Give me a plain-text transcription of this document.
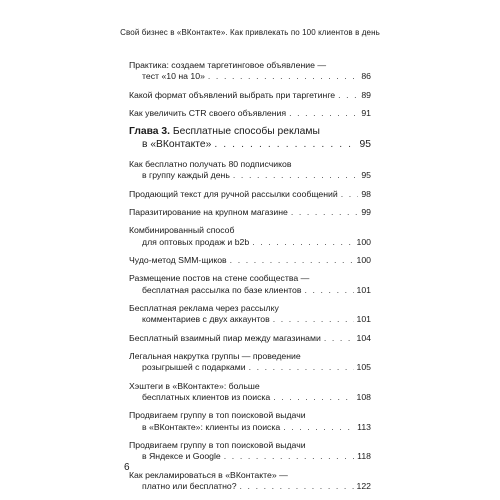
Свой бизнес в «ВКонтакте». Как привлекать по 100 клиентов в день
Практика: создаем таргетинговое объявление —
тест «10 на 10» . . .	86
Какой формат объявлений выбрать при таргетинге . . .	89
Как увеличить CTR своего объявления . . .	91
Глава 3. Бесплатные способы рекламы
в «ВКонтакте» . . .	95
Как бесплатно получать 80 подписчиков
в группу каждый день . . .	95
Продающий текст для ручной рассылки сообщений . . .	98
Паразитирование на крупном магазине . . .	99
Комбинированный способ
для оптовых продаж и b2b . . .	100
Чудо-метод SMM-щиков . . .	100
Размещение постов на стене сообщества —
бесплатная рассылка по базе клиентов . . .	101
Бесплатная реклама через рассылку
комментариев с двух аккаунтов . . .	101
Бесплатный взаимный пиар между магазинами . . .	104
Легальная накрутка группы — проведение
розыгрышей с подарками . . .	105
Хэштеги в «ВКонтакте»: больше
бесплатных клиентов из поиска . . .	108
Продвигаем группу в топ поисковой выдачи
в «ВКонтакте»: клиенты из поиска . . .	113
Продвигаем группу в топ поисковой выдачи
в Яндексе и Google . . .	118
Как рекламироваться в «ВКонтакте» —
платно или бесплатно? . . .	122
6
